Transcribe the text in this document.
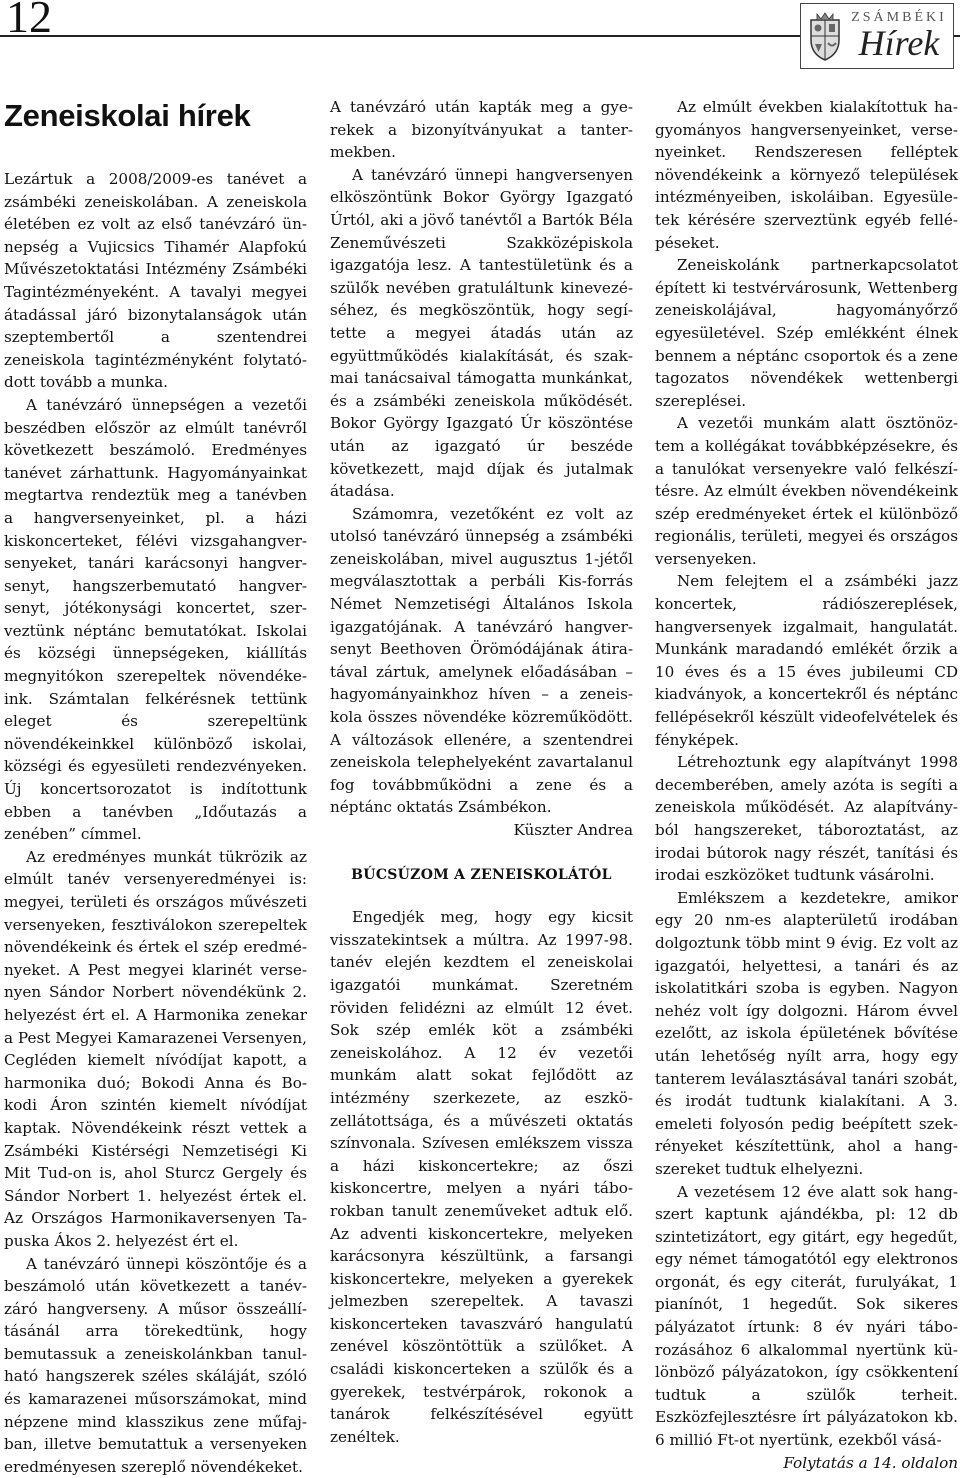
12	ZSÁMBÉKI
Hírek
Zeneiskolai hírek

Lezártuk a 2008/2009-es tanévet a zsámbéki zeneiskolában. A zeneiskola életében ez volt az első tanévzáró ünnepség a Vujicsics Tihamér Alapfokú Művészetoktatási Intézmény Zsámbéki Tagintézményeként. A tavalyi megyei átadással járó bizonytalanságok után szeptembertől a szentendrei zeneiskola tagintézményként folytatódott tovább a munka.

A tanévzáró ünnepségen a vezetői beszédben először az elmúlt tanévről következett beszámoló. Eredményes tanévet zárhattunk. Hagyományainkat megtartva rendeztük meg a tanévben a hangversenyeinket, pl. a házi kiskoncerteket, félévi vizsgahangversenyeket, tanári karácsonyi hangversenyt, hangszerbemutató hangversenyt, jótékonysági koncertet, szerveztünk néptánc bemutatókat. Iskolai és községi ünnepségeken, kiállítás megnyitókon szerepeltek növendékeink. Számtalan felkérésnek tettünk eleget és szerepeltünk növendékeinkkel különböző iskolai, községi és egyesületi rendezvényeken. Új koncertsorozatot is indítottunk ebben a tanévben „Időutazás a zenében” címmel.

Az eredményes munkát tükrözik az elmúlt tanév versenyeredményei is: megyei, területi és országos művészeti versenyeken, fesztiválokon szerepeltek növendékeink és értek el szép eredményeket. A Pest megyei klarinét versenyen Sándor Norbert növendékünk 2. helyezést ért el. A Harmonika zenekar a Pest Megyei Kamarazenei Versenyen, Cegléden kiemelt nívódíjat kapott, a harmonika duó; Bokodi Anna és Bokodi Áron szintén kiemelt nívódíjat kaptak. Növendékeink részt vettek a Zsámbéki Kistérségi Nemzetiségi Ki Mit Tud-on is, ahol Sturcz Gergely és Sándor Norbert 1. helyezést értek el. Az Országos Harmonikaversenyen Tapuska Ákos 2. helyezést ért el.

A tanévzáró ünnepi köszöntője és a beszámoló után következett a tanévzáró hangverseny. A műsor összeállításánál arra törekedtünk, hogy bemutassuk a zeneiskolánkban tanulható hangszerek széles skáláját, szóló és kamarazenei műsorszámokat, mind népzene mind klasszikus zene műfajban, illetve bemutattuk a versenyeken eredményesen szereplő növendékeket.

A tanévzáró után kapták meg a gyerekek a bizonyítványukat a tantermekben.

A tanévzáró ünnepi hangversenyen elköszöntünk Bokor György Igazgató Úrtól, aki a jövő tanévtől a Bartók Béla Zeneművészeti Szakközépiskola igazgatója lesz. A tantestületünk és a szülők nevében gratuláltunk kinevezéséhez, és megköszöntük, hogy segítette a megyei átadás után az együttműködés kialakítását, és szakmai tanácsaival támogatta munkánkat, és a zsámbéki zeneiskola működését. Bokor György Igazgató Úr köszöntése után az igazgató úr beszéde következett, majd díjak és jutalmak átadása.

Számomra, vezetőként ez volt az utolsó tanévzáró ünnepség a zsámbéki zeneiskolában, mivel augusztus 1-jétől megválasztottak a perbáli Kis-forrás Német Nemzetiségi Általános Iskola igazgatójának. A tanévzáró hangversenyt Beethoven Örömódájának átiratával zártuk, amelynek előadásában – hagyományainkhoz híven – a zeneiskola összes növendéke közreműködött. A változások ellenére, a szentendrei zeneiskola telephelyeként zavartalanul fog továbbműködni a zene és a néptánc oktatás Zsámbékon.

Küszter Andrea

BÚCSÚZOM A ZENEISKOLÁTÓL

Engedjék meg, hogy egy kicsit visszatekintsek a múltra. Az 1997-98. tanév elején kezdtem el zeneiskolai igazgatói munkámat. Szeretném röviden felidézni az elmúlt 12 évet. Sok szép emlék köt a zsámbéki zeneiskolához. A 12 év vezetői munkám alatt sokat fejlődött az intézmény szerkezete, az eszközellátottsága, és a művészeti oktatás színvonala. Szívesen emlékszem vissza a házi kiskoncertekre; az őszi kiskoncertre, melyen a nyári táborokban tanult zeneműveket adtuk elő. Az adventi kiskoncertekre, melyeken karácsonyra készültünk, a farsangi kiskoncertekre, melyeken a gyerekek jelmezben szerepeltek. A tavaszi kiskoncerteken tavaszváró hangulatú zenével köszöntöttük a szülőket. A családi kiskoncerteken a szülők és a gyerekek, testvérpárok, rokonok a tanárok felkészítésével együtt zenéltek.

Az elmúlt években kialakítottuk hagyományos hangversenyeinket, versenyeinket. Rendszeresen felléptek növendékeink a környező települések intézményeiben, iskoláiban. Egyesületek kérésére szerveztünk egyéb fellépéseket.

Zeneiskolánk partnerkapcsolatot épített ki testvérvárosunk, Wettenberg zeneiskolájával, hagyományőrző egyesületével. Szép emlékként élnek bennem a néptánc csoportok és a zene tagozatos növendékek wettenbergi szereplései.

A vezetői munkám alatt ösztönöztem a kollégákat továbbképzésekre, és a tanulókat versenyekre való felkészítésre. Az elmúlt években növendékeink szép eredményeket értek el különböző regionális, területi, megyei és országos versenyeken.

Nem felejtem el a zsámbéki jazz koncertek, rádiószereplések, hangversenyek izgalmait, hangulatát. Munkánk maradandó emlékét őrzik a 10 éves és a 15 éves jubileumi CD kiadványok, a koncertekről és néptánc fellépésekről készült videofelvételek és fényképek.

Létrehoztunk egy alapítványt 1998 decemberében, amely azóta is segíti a zeneiskola működését. Az alapítványból hangszereket, táboroztatást, az irodai bútorok nagy részét, tanítási és irodai eszközöket tudtunk vásárolni.

Emlékszem a kezdetekre, amikor egy 20 nm-es alapterületű irodában dolgoztunk több mint 9 évig. Ez volt az igazgatói, helyettesi, a tanári és az iskolatitkári szoba is egyben. Nagyon nehéz volt így dolgozni. Három évvel ezelőtt, az iskola épületének bővítése után lehetőség nyílt arra, hogy egy tanterem leválasztásával tanári szobát, és irodát tudtunk kialakítani. A 3. emeleti folyosón pedig beépített szekrényeket készítettünk, ahol a hangszereket tudtuk elhelyezni.

A vezetésem 12 éve alatt sok hangszert kaptunk ajándékba, pl: 12 db szintetizátort, egy gitárt, egy hegedűt, egy német támogatótól egy elektronos orgonát, és egy citerát, furulyákat, 1 pianínót, 1 hegedűt. Sok sikeres pályázatot írtunk: 8 év nyári táborozásához 6 alkalommal nyertünk különböző pályázatokon, így csökkentení tudtuk a szülők terheit. Eszközfejlesztésre írt pályázatokon kb. 6 millió Ft-ot nyertünk, ezekből vásá-

Folytatás a 14. oldalon
